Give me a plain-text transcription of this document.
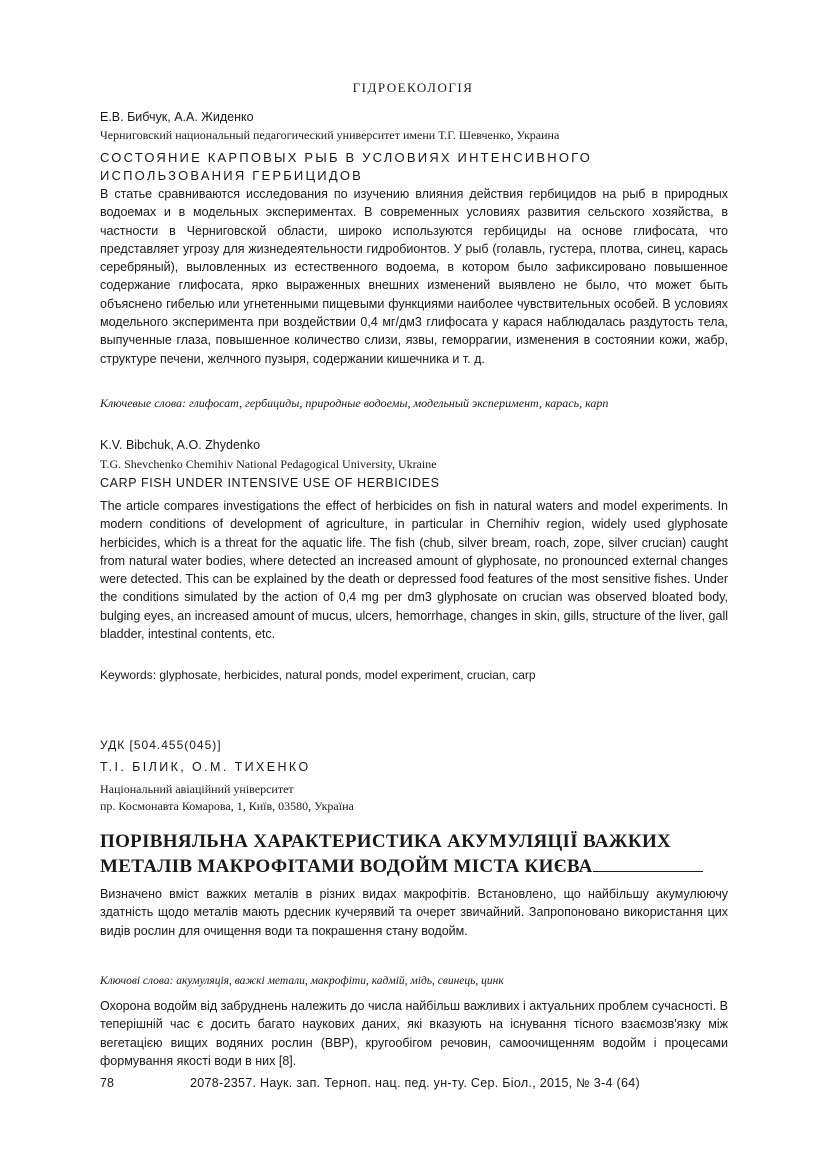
ГІДРОЕКОЛОГІЯ
Е.В. Бибчук, А.А. Жиденко
Черниговский национальный педагогический университет имени Т.Г. Шевченко, Украина
СОСТОЯНИЕ КАРПОВЫХ РЫБ В УСЛОВИЯХ ИНТЕНСИВНОГО ИСПОЛЬЗОВАНИЯ ГЕРБИЦИДОВ
В статье сравниваются исследования по изучению влияния действия гербицидов на рыб в природных водоемах и в модельных экспериментах. В современных условиях развития сельского хозяйства, в частности в Черниговской области, широко используются гербициды на основе глифосата, что представляет угрозу для жизнедеятельности гидробионтов. У рыб (голавль, густера, плотва, синец, карась серебряный), выловленных из естественного водоема, в котором было зафиксировано повышенное содержание глифосата, ярко выраженных внешних изменений выявлено не было, что может быть объяснено гибелью или угнетенными пищевыми функциями наиболее чувствительных особей. В условиях модельного эксперимента при воздействии 0,4 мг/дм3 глифосата у карася наблюдалась раздутость тела, выпученные глаза, повышенное количество слизи, язвы, геморрагии, изменения в состоянии кожи, жабр, структуре печени, желчного пузыря, содержании кишечника и т. д.
Ключевые слова: глифосат, гербициды, природные водоемы, модельный эксперимент, карась, карп
K.V. Bibchuk, A.O. Zhydenko
T.G. Shevchenko Chemihiv National Pedagogical University, Ukraine
CARP FISH UNDER INTENSIVE USE OF HERBICIDES
The article compares investigations the effect of herbicides on fish in natural waters and model experiments. In modern conditions of development of agriculture, in particular in Chernihiv region, widely used glyphosate herbicides, which is a threat for the aquatic life. The fish (chub, silver bream, roach, zope, silver crucian) caught from natural water bodies, where detected an increased amount of glyphosate, no pronounced external changes were detected. This can be explained by the death or depressed food features of the most sensitive fishes. Under the conditions simulated by the action of 0,4 mg per dm3 glyphosate on crucian was observed bloated body, bulging eyes, an increased amount of mucus, ulcers, hemorrhage, changes in skin, gills, structure of the liver, gall bladder, intestinal contents, etc.
Keywords: glyphosate, herbicides, natural ponds, model experiment, crucian, carp
УДК [504.455(045)]
Т.І. БІЛИК, О.М. ТИХЕНКО
Національний авіаційний університет
пр. Космонавта Комарова, 1, Київ, 03580, Україна
ПОРІВНЯЛЬНА ХАРАКТЕРИСТИКА АКУМУЛЯЦІЇ ВАЖКИХ
МЕТАЛІВ МАКРОФІТАМИ ВОДОЙМ МІСТА КИЄВА
Визначено вміст важких металів в різних видах макрофітів. Встановлено, що найбільшу акумулюючу здатність щодо металів мають рдесник кучерявий та очерет звичайний. Запропоновано використання цих видів рослин для очищення води та покрашення стану водойм.
Ключові слова: акумуляція, важкі метали, макрофіти, кадмій, мідь, свинець, цинк
Охорона водойм від забруднень належить до числа найбільш важливих і актуальних проблем сучасності. В теперішній час є досить багато наукових даних, які вказують на існування тісного взаємозв'язку між вегетацією вищих водяних рослин (ВВР), кругообігом речовин, самоочищенням водойм і процесами формування якості води в них [8].
78	2078-2357. Наук. зап. Терноп. нац. пед. ун-ту. Сер. Біол., 2015, № 3-4 (64)
